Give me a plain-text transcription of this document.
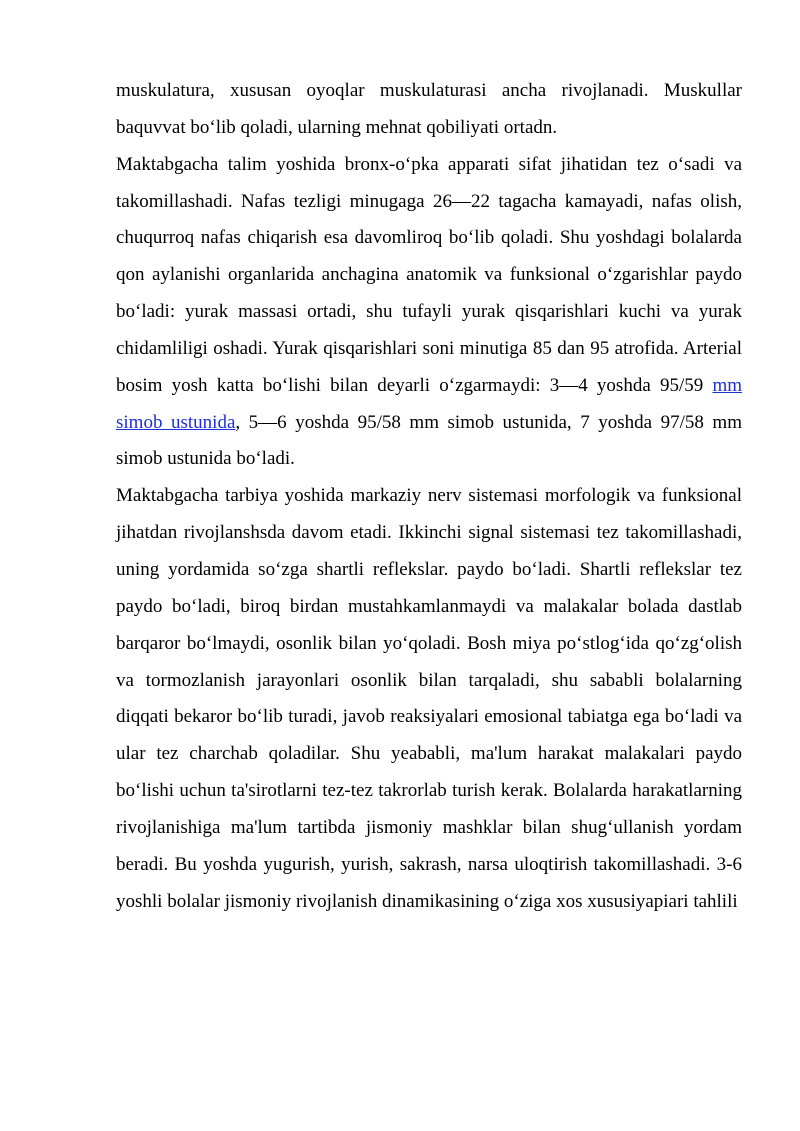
muskulatura, xususan oyoqlar muskulaturasi ancha rivojlanadi. Muskullar baquvvat bo‘lib qoladi, ularning mehnat qobiliyati ortadn.

Maktabgacha talim yoshida bronx-o‘pka apparati sifat jihatidan tez o‘sadi va takomillashadi. Nafas tezligi minugaga 26—22 tagacha kamayadi, nafas olish, chuqurroq nafas chiqarish esa davomliroq bo‘lib qoladi. Shu yoshdagi bolalarda qon aylanishi organlarida anchagina anatomik va funksional o‘zgarishlar paydo bo‘ladi: yurak massasi ortadi, shu tufayli yurak qisqarishlari kuchi va yurak chidamliligi oshadi. Yurak qisqarishlari soni minutiga 85 dan 95 atrofida. Arterial bosim yosh katta bo‘lishi bilan deyarli o‘zgarmaydi: 3—4 yoshda 95/59 mm simob ustunida, 5—6 yoshda 95/58 mm simob ustunida, 7 yoshda 97/58 mm simob ustunida bo‘ladi.

Maktabgacha tarbiya yoshida markaziy nerv sistemasi morfologik va funksional jihatdan rivojlanshsda davom etadi. Ikkinchi signal sistemasi tez takomillashadi, uning yordamida so‘zga shartli reflekslar. paydo bo‘ladi. Shartli reflekslar tez paydo bo‘ladi, biroq birdan mustahkamlanmaydi va malakalar bolada dastlab barqaror bo‘lmaydi, osonlik bilan yo‘qoladi. Bosh miya po‘stlog‘ida qo‘zg‘olish va tormozlanish jarayonlari osonlik bilan tarqaladi, shu sababli bolalarning diqqati bekaror bo‘lib turadi, javob reaksiyalari emosional tabiatga ega bo‘ladi va ular tez charchab qoladilar. Shu yeababli, ma'lum harakat malakalari paydo bo‘lishi uchun ta'sirotlarni tez-tez takrorlab turish kerak. Bolalarda harakatlarning rivojlanishiga ma'lum tartibda jismoniy mashklar bilan shug‘ullanish yordam beradi. Bu yoshda yugurish, yurish, sakrash, narsa uloqtirish takomillashadi. 3-6 yoshli bolalar jismoniy rivojlanish dinamikasining o‘ziga xos xususiyapiari tahlili
